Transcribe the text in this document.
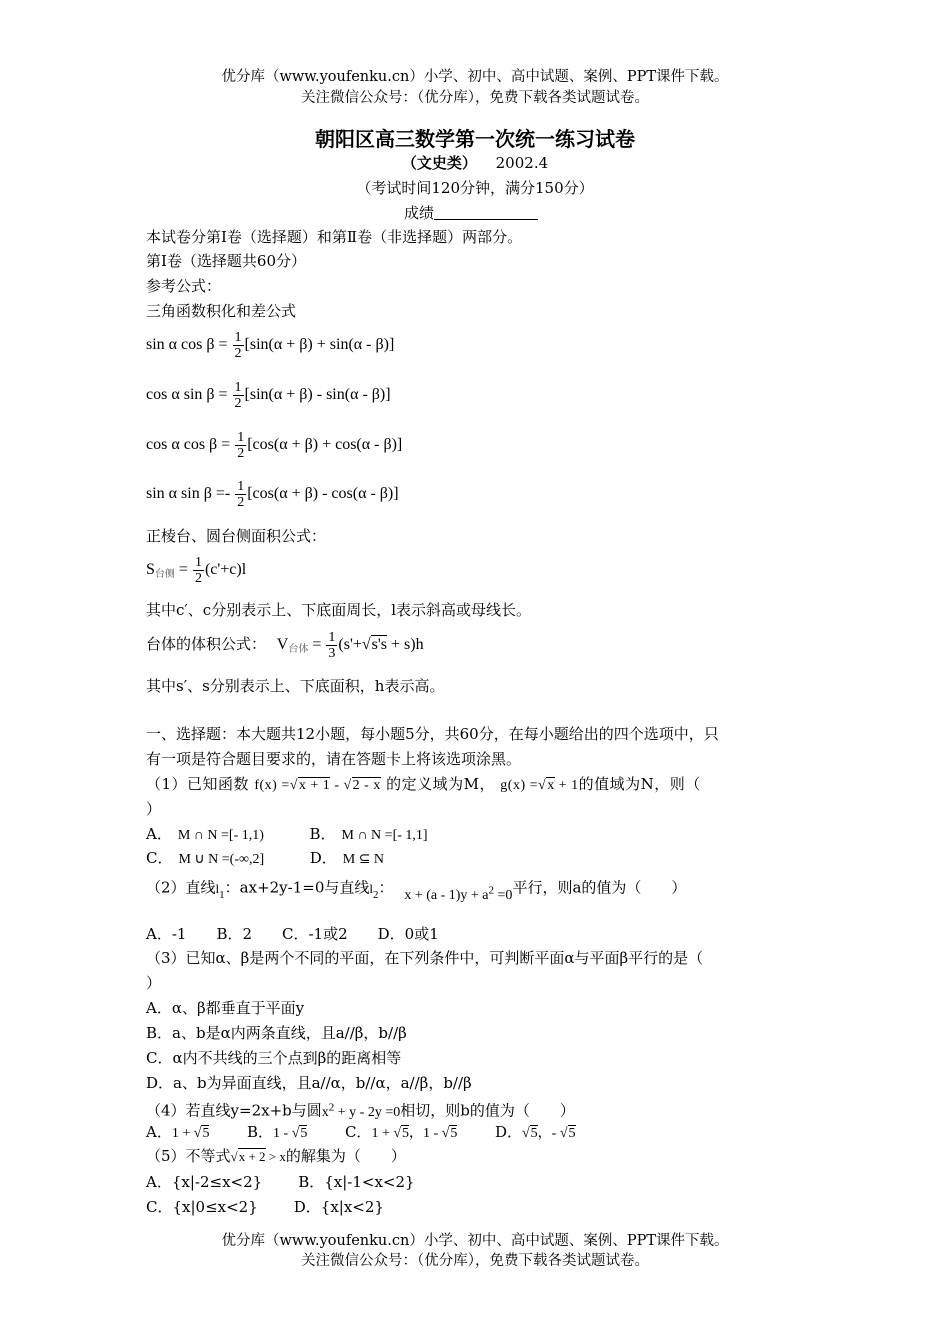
优分库（www.youfenku.cn）小学、初中、高中试题、案例、PPT课件下载。
关注微信公众号：（优分库），免费下载各类试题试卷。
朝阳区高三数学第一次统一练习试卷
（文史类） 2002.4
（考试时间120分钟，满分150分）
成绩
本试卷分第Ⅰ卷（选择题）和第Ⅱ卷（非选择题）两部分。
第Ⅰ卷（选择题共60分）
参考公式：
三角函数积化和差公式
sin α $\cos \beta = \frac{1}{2} [\sin(\alpha + \beta) + \sin(\alpha - \beta)]$
cos α $\sin \beta = \frac{1}{2} [\sin(\alpha + \beta) - \sin(\alpha - \beta)]$
cos α $\cos \beta = \frac{1}{2} [\cos(\alpha + \beta) + \cos(\alpha - \beta)]$
sin α $\sin \beta =- \frac{1}{2} [\cos(\alpha + \beta) - \cos(\alpha - \beta)]$
正棱台、圆台侧面积公式：
$S_{台侧} = \frac{1}{2} (c'+c)l$
其中c′、c分别表示上、下底面周长，l表示斜高或母线长。
台体的体积公式： $V_{台体} = \frac{1}{3} (s'+√s's + s)h$
其中s′、s分别表示上、下底面积，h表示高。
一、选择题：本大题共12小题，每小题5分，共60分，在每小题给出的四个选项中，只
有一项是符合题目要求的，请在答题卡上将该选项涂黑。
（1）已知函数 f(x) =√x + 1 - √2 - x 的定义域为M， g(x) =√x + 1的值域为N，则（
）
A． M ∩ N =[- 1,1)	B． M ∩ N =[- 1,1]
C． M ∪ N =(-∞,2]	D． M ⊆ N
（2）直线$l_1$：ax+2y-1=0与直线$l_2$： $x + (a - 1)y + a^2 =0$平行，则a的值为（　　）
A．-1　　B．2　　C．-1或2　　D．0或1
（3）已知α、β是两个不同的平面，在下列条件中，可判断平面α与平面β平行的是（
）
A．α、β都垂直于平面y
B．a、b是α内两条直线，且a//β，b//β
C．α内不共线的三个点到β的距离相等
D．a、b为异面直线，且a//α，b//α，a//β，b//β
（4）若直线y=2x+b与圆$x^2 + y - 2y =0$相切，则b的值为（　　）
A．1 + √5	B．1 - √5	C．1 + √5，1 - √5	D．√5，- √5
（5）不等式√x + 2 > x的解集为（　　）
A．{x|-2≤x<2} B．{x|-1<x<2}
C．{x|0≤x<2} D．{x|x<2}
优分库（www.youfenku.cn）小学、初中、高中试题、案例、PPT课件下载。
关注微信公众号：（优分库），免费下载各类试题试卷。
